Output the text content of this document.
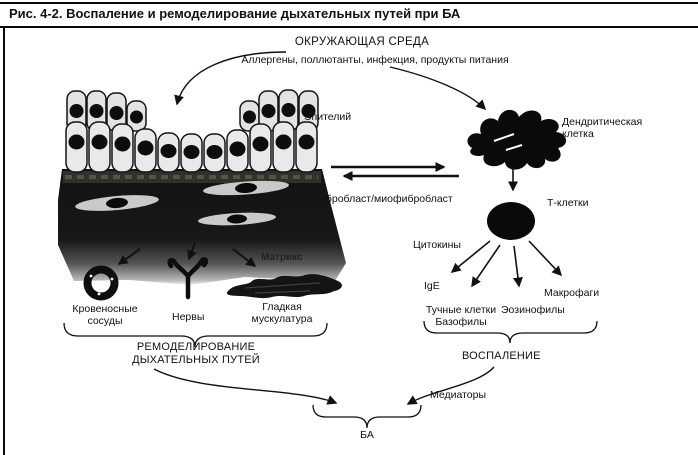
Рис. 4-2. Воспаление и ремоделирование дыхательных путей при БА
ОКРУЖАЮЩАЯ СРЕДА
Аллергены, поллютанты, инфекция, продукты питания
Эпителий
Фибробласт/миофибробласт
Дендритическая клетка
Т-клетки
Цитокины
IgE
Тучные клетки Базофилы
Эозинофилы
Макрофаги
Матрикс
Кровеносные сосуды	Нервы
Гладкая мускулатура
РЕМОДЕЛИРОВАНИЕ ДЫХАТЕЛЬНЫХ ПУТЕЙ	ВОСПАЛЕНИЕ
Медиаторы
БА
